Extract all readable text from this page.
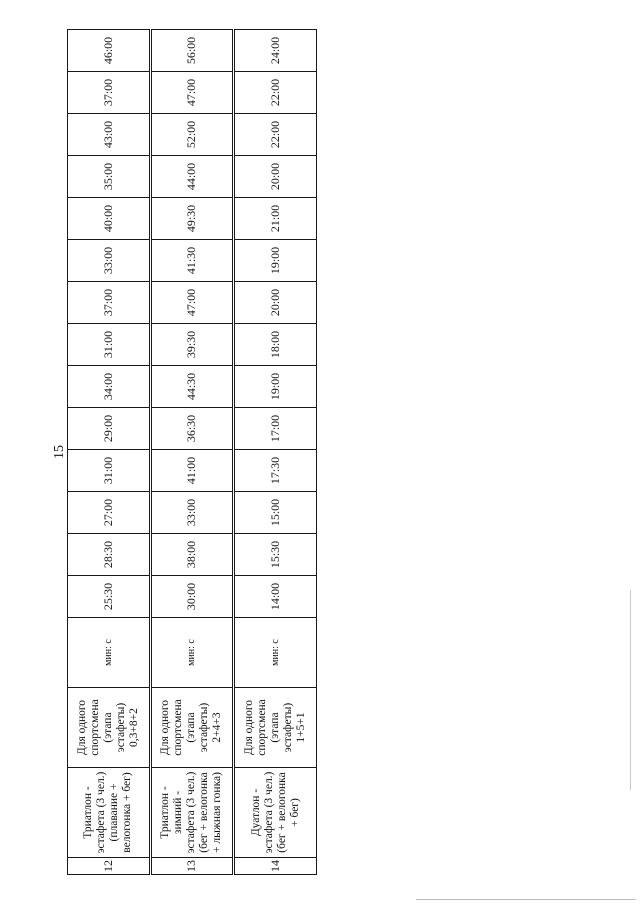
15
12	Триатлон - эстафета (3 чел.) (плавание + велогонка + бег)	Для одного спортсмена (этапа эстафеты) 0,3+8+2	мин: с	25:30	28:30	27:00	31:00	29:00	34:00	31:00	37:00	33:00	40:00	35:00	43:00	37:00	46:00
13	Триатлон - зимний - эстафета (3 чел.) (бег + велогонка + лыжная гонка)	Для одного спортсмена (этапа эстафеты) 2+4+3	мин: с	30:00	38:00	33:00	41:00	36:30	44:30	39:30	47:00	41:30	49:30	44:00	52:00	47:00	56:00
14	Дуатлон - эстафета (3 чел.) (бег + велогонка + бег)	Для одного спортсмена (этапа эстафеты) 1+5+1	мин: с	14:00	15:30	15:00	17:30	17:00	19:00	18:00	20:00	19:00	21:00	20:00	22:00	22:00	24:00
